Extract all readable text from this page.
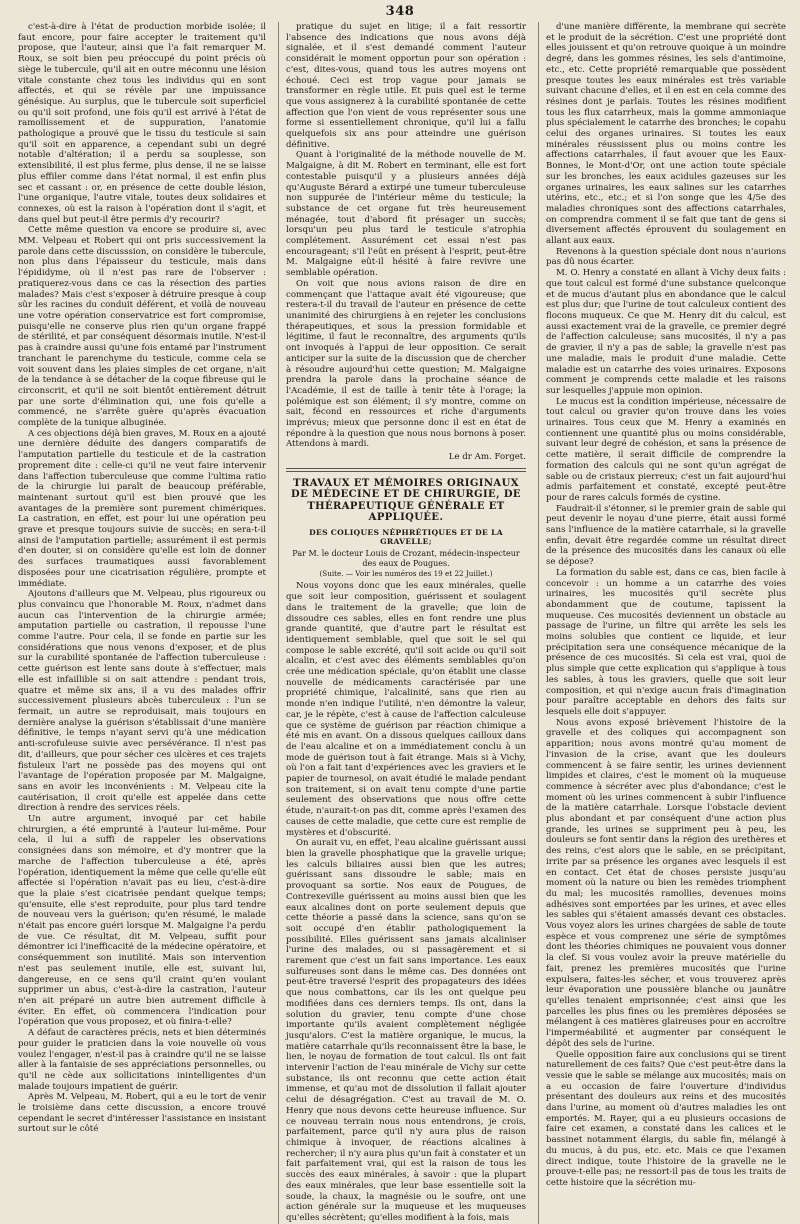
348

c'est-à-dire à l'état de production morbide isolée; il faut encore, pour faire accepter le traitement qu'il propose, que l'auteur, ainsi que l'a fait remarquer M. Roux, se soit bien peu préoccupé du point précis où siège le tubercule, qu'il ait en outre méconnu une lésion vitale constante chez tous les individus qui en sont affectés, et qui se révèle par une impuissance génésique. Au surplus, que le tubercule soit superficiel ou qu'il soit profond, une fois qu'il est arrivé à l'état de ramollissement et de suppuration, l'anatomie pathologique a prouvé que le tissu du testicule si sain qu'il soit en apparence, a cependant subi un degré notable d'altération; il a perdu sa souplesse, son extensibilité, il est plus ferme, plus dense, il ne se laisse plus effiler comme dans l'état normal, il est enfin plus sec et cassant : or, en présence de cette double lésion, l'une organique, l'autre vitale, toutes deux solidaires et connexes, où est la raison à l'opération dont il s'agit, et dans quel but peut-il être permis d'y recourir?

Cette même question va encore se produire si, avec MM. Velpeau et Robert qui ont pris successivement la parole dans cette discusssion, on considère le tubercule, non plus dans l'épaisseur du testicule, mais dans l'épididyme, où il n'est pas rare de l'observer : pratiquerez-vous dans ce cas la résection des parties malades? Mais c'est s'exposer à détruire presque à coup sûr les racines du conduit déférent, et voilà de nouveau une votre opération conservatrice est fort compromise, puisqu'elle ne conserve plus rien qu'un organe frappé de stérilité, et par conséquent désormais inutile. N'est-il pas à craindre aussi qu'une fois entamé par l'instrument tranchant le parenchyme du testicule, comme cela se voit souvent dans les plaies simples de cet organe, n'ait de la tendance à se détacher de la coque fibreuse qui le circonscrit, et qu'il ne soit bientôt entièrement détruit par une sorte d'élimination qui, une fois qu'elle a commencé, ne s'arrête guère qu'après évacuation complète de la tunique albuginée.

A ces objections déjà bien graves, M. Roux en a ajouté une dernière déduite des dangers comparatifs de l'amputation partielle du testicule et de la castration proprement dite : celle-ci qu'il ne veut faire intervenir dans l'affection tuberculeuse que comme l'ultima ratio de la chirurgie lui paraît de beaucoup préférable, maintenant surtout qu'il est bien prouvé que les avantages de la première sont purement chimériques. La castration, en effet, est pour lui une opération peu grave et presque toujours suivie de succès; en sera-t-il ainsi de l'amputation partielle; assurément il est permis d'en douter, si on considère qu'elle est loin de donner des surfaces traumatiques aussi favorablement disposées pour une cicatrisation régulière, prompte et immédiate.

Ajoutons d'ailleurs que M. Velpeau, plus rigoureux ou plus convaincu que l'honorable M. Roux, n'admet dans aucun cas l'intervention de la chirurgie armée; amputation partielle ou castration, il repousse l'une comme l'autre. Pour cela, il se fonde en partie sur les considérations que nous venons d'exposer, et de plus sur la curabilité spontanée de l'affection tuberculeuse : cette guérison est lente sans doute à s'effectuer, mais elle est infaillible si on sait attendre : pendant trois, quatre et même six ans, il a vu des malades offrir successivement plusieurs abcès tuberculeux : l'un se fermait, un autre se reproduisait, mais toujours en dernière analyse la guérison s'établissait d'une manière définitive, le temps n'ayant servi qu'à une médication anti-scrofuleuse suivie avec persévérance. Il n'est pas dit, d'ailleurs, que pour sécher ces ulcères et ces trajets fistuleux l'art ne possède pas des moyens qui ont l'avantage de l'opération proposée par M. Malgaigne, sans en avoir les inconvénients : M. Velpeau cite la cautérisation, il croit qu'elle est appelée dans cette direction à rendre des services réels.

Un autre argument, invoqué par cet habile chirurgien, a été emprunté à l'auteur lui-même. Pour cela, il lui a suffi de rappeler les observations consignées dans son mémoire, et d'y montrer que la marche de l'affection tuberculeuse a été, après l'opération, identiquement la même que celle qu'elle eût affectée si l'opération n'avait pas eu lieu, c'est-à-dire que la plaie s'est cicatrisée pendant quelque temps; qu'ensuite, elle s'est reproduite, pour plus tard tendre de nouveau vers la guérison; qu'en résumé, le malade n'était pas encore guéri lorsque M. Malgaigne l'a perdu de vue. Ce résultat, dit M. Velpeau, suffit pour démontrer ici l'inefficacité de la médecine opératoire, et conséquemment son inutilité. Mais son intervention n'est pas seulement inutile, elle est, suivant lui, dangereuse, en ce sens qu'il craint qu'en voulant supprimer un abus, c'est-à-dire la castration, l'auteur n'en ait préparé un autre bien autrement difficile à éviter. En effet, où commencera l'indication pour l'opération que vous proposez, et où finira-t-elle?

A défaut de caractères précis, nets et bien déterminés pour guider le praticien dans la voie nouvelle où vous voulez l'engager, n'est-il pas à craindre qu'il ne se laisse aller à la fantaisie de ses appréciations personnelles, ou qu'il ne cède aux sollicitations inintelligentes d'un malade toujours impatient de guérir.

Après M. Velpeau, M. Robert, qui a eu le tort de venir le troisième dans cette discussion, a encore trouvé cependant le secret d'intéresser l'assistance en insistant surtout sur le côté

pratique du sujet en litige; il a fait ressortir l'absence des indications que nous avons déjà signalée, et il s'est demandé comment l'auteur considérait le moment opportun pour son opération : c'est, dites-vous, quand tous les autres moyens ont échoué. Ceci est trop vague pour jamais se transformer en règle utile. Et puis quel est le terme que vous assignerez à la curabilité spontanée de cette affection que l'on vient de vous représenter sous une forme si essentiellement chronique, qu'il lui a fallu quelquefois six ans pour atteindre une guérison définitive.

Quant à l'originalité de la méthode nouvelle de M. Malgaigne, à dit M. Robert en terminant, elle est fort contestable puisqu'il y a plusieurs années déjà qu'Auguste Bérard a extirpé une tumeur tuberculeuse non suppurée de l'intérieur même du testicule; la substance de cet organe fut très heureusement ménagée, tout d'abord fit présager un succès; lorsqu'un peu plus tard le testicule s'atrophia complétement. Assurément cet essai n'est pas encourageant; s'il l'eût en présent à l'esprit, peut-être M. Malgaigne eût-il hésité à faire revivre une semblable opération.

On voit que nous avions raison de dire en commençant que l'attaque avait été vigoureuse; que restera-t-il du travail de l'auteur en présence de cette unanimité des chirurgiens à en rejeter les conclusions thérapeutiques, et sous la pression formidable et légitime, il faut le reconnaître, des arguments qu'ils ont invoqués à l'appui de leur opposition. Ce serait anticiper sur la suite de la discussion que de chercher à résoudre aujourd'hui cette question; M. Malgaigne prendra la parole dans la prochaine séance de l'Académie, il est de taille à tenir tête à l'orage; la polémique est son élément; il s'y montre, comme on sait, fécond en ressources et riche d'arguments imprévus; mieux que personne donc il est en état de répondre à la question que nous nous bornons à poser. Attendons à mardi.

Le dr Am. Forget.

TRAVAUX ET MÉMOIRES ORIGINAUX DE MÉDECINE ET DE CHIRURGIE, DE THÉRAPEUTIQUE GÉNÉRALE ET APPLIQUÉE.
DES COLIQUES NÉPHRÉTIQUES ET DE LA GRAVELLE;
Par M. le docteur Louis de Crozant, médecin-inspecteur des eaux de Pougues.
(Suite. — Voir les numéros des 19 et 22 Juillet.)

Nous voyons donc que les eaux minérales, quelle que soit leur composition, guérissent et soulagent dans le traitement de la gravelle; que loin de dissoudre ces sables, elles en font rendre une plus grande quantité, que d'autre part le résultat est identiquement semblable, quel que soit le sel qui compose le sable excrété, qu'il soit acide ou qu'il soit alcalin, et c'est avec des éléments semblables qu'on crée une médication spéciale, qu'on établit une classe nouvelle de médicaments caractérisée par une propriété chimique, l'alcalinité, sans que rien au monde n'en indique l'utilité, n'en démontre la valeur, car, je le répète, c'est à cause de l'affection calculeuse que ce système de guérison par réaction chimique a été mis en avant. On a dissous quelques cailloux dans de l'eau alcaline et on a immédiatement conclu à un mode de guérison tout à fait étrange. Mais si à Vichy, où l'on a fait tant d'expériences avec les graviers et le papier de tournesol, on avait étudié le malade pendant son traitement, si on avait tenu compte d'une partie seulement des observations que nous offre cette étude, n'aurait-t-on pas dit, comme après l'examen des causes de cette maladie, que cette cure est remplie de mystères et d'obscurité.

On aurait vu, en effet, l'eau alcaline guérissant aussi bien la gravelle phosphatique que la gravelle urique; les calculs biliaires aussi bien que les autres; guérissant sans dissoudre le sable; mais en provoquant sa sortie. Nos eaux de Pougues, de Contrexeville guérissent au moins aussi bien que les eaux alcalines dont on porte seulement depuis que cette théorie a passé dans la science, sans qu'on se soit occupé d'en établir pathologiquement la possibilité. Elles guérissent sans jamais alcaliniser l'urine des malades, ou si passagèrement et si rarement que c'est un fait sans importance. Les eaux sulfureuses sont dans le même cas. Des données ont peut-être traversé l'esprit des propagateurs des idées que nous combattons, car ils les ont quelque peu modifiées dans ces derniers temps. Ils ont, dans la solution du gravier, tenu compte d'une chose importante qu'ils avaient complètement négligée jusqu'alors. C'est la matière organique, le mucus, la matière catarrhale qu'ils reconnaissent être la base, le lien, le noyau de formation de tout calcul. Ils ont fait intervenir l'action de l'eau minérale de Vichy sur cette substance, ils ont reconnu que cette action était immense, et qu'au mot de dissolution il fallait ajouter celui de désagrégation. C'est au travail de M. O. Henry que nous devons cette heureuse influence. Sur ce nouveau terrain nous nous entendrons, je crois, parfaitement, parce qu'il n'y aura plus de raison chimique à invoquer, de réactions alcalines à rechercher; il n'y aura plus qu'un fait à constater et un fait parfaitement vrai, qui est la raison de tous les succès des eaux minérales, à savoir : que la plupart des eaux minérales, que leur base essentielle soit la soude, la chaux, la magnésie ou le soufre, ont une action générale sur la muqueuse et les muqueuses qu'elles sécrètent; qu'elles modifient à la fois, mais

d'une manière différente, la membrane qui secrète et le produit de la sécrétion. C'est une propriété dont elles jouissent et qu'on retrouve quoique à un moindre degré, dans les gommes résines, les sels d'antimoine, etc., etc. Cette propriété remarquable que possèdent presque toutes les eaux minérales est très variable suivant chacune d'elles, et il en est en cela comme des résines dont je parlais. Toutes les résines modifient tous les flux catarrheux, mais la gomme ammoniaque plus spécialement le catarrhe des bronches; le copahu celui des organes urinaires. Si toutes les eaux minérales réussissent plus ou moins contre les affections catarrhales, il faut avouer que les Eaux-Bonnes, le Mont-d'Or, ont une action toute spéciale sur les bronches, les eaux acidules gazeuses sur les organes urinaires, les eaux salines sur les catarrhes utérins, etc., etc.; et si l'on songe que les 4/5e des maladies chroniques sont des affections catarrhales, on comprendra comment il se fait que tant de gens si diversement affectés éprouvent du soulagement en allant aux eaux.

Revenons à la question spéciale dont nous n'aurions pas dû nous écarter.

M. O. Henry a constaté en allant à Vichy deux faits : que tout calcul est formé d'une substance quelconque et de mucus d'autant plus en abondance que le calcul est plus dur; que l'urine de tout calculeux contient des flocons muqueux. Ce que M. Henry dit du calcul, est aussi exactement vrai de la gravelle, ce premier degré de l'affection calculeuse; sans mucosités, il n'y a pas de gravier, il n'y a pas de sable; la gravelle n'est pas une maladie, mais le produit d'une maladie. Cette maladie est un catarrhe des voies urinaires. Exposons comment je comprends cette maladie et les raisons sur lesquelles j'appuie mon opinion.

Le mucus est la condition impérieuse, nécessaire de tout calcul ou gravier qu'on trouve dans les voies urinaires. Tous ceux que M. Henry a examinés en contiennent une quantité plus ou moins considérable, suivant leur degré de cohésion, et sans la présence de cette matière, il serait difficile de comprendre la formation des calculs qui ne sont qu'un agrégat de sable ou de cristaux pierreux; c'est un fait aujourd'hui admis parfaitement et constaté, excepté peut-être pour de rares calculs formés de cystine.

Faudrait-il s'étonner, si le premier grain de sable qui peut devenir le noyau d'une pierre, était aussi formé sans l'influence de la matière catarrhale, si la gravelle enfin, devait être regardée comme un résultat direct de la présence des mucosités dans les canaux où elle se dépose?

La formation du sable est, dans ce cas, bien facile à concevoir : un homme a un catarrhe des voies urinaires, les mucosités qu'il secrète plus abondamment que de coutume, tapissent la muqueuse. Ces mucosités deviennent un obstacle au passage de l'urine, un filtre qui arrête les sels les moins solubles que contient ce liquide, et leur précipitation sera une conséquence mécanique de la présence de ces mucosités. Si cela est vrai, quoi de plus simple que cette explication qui s'applique à tous les sables, à tous les graviers, quelle que soit leur composition, et qui n'exige aucun frais d'imagination pour paraître acceptable en dehors des faits sur lesquels elle doit s'appuyer.

Nous avons exposé brièvement l'histoire de la gravelle et des coliques qui accompagnent son apparition; nous avons montré qu'au moment de l'invasion de la crise, avant que les douleurs commencent à se faire sentir, les urines deviennent limpides et claires, c'est le moment où la muqueuse commence à sécréter avec plus d'abondance; c'est le moment où les urines commencent à subir l'influence de la matière catarrhale. Lorsque l'obstacle devient plus abondant et par conséquent d'une action plus grande, les urines se suppriment peu à peu, les douleurs se font sentir dans la région des urethères et des reins, c'est alors que le sable, en se précipitant, irrite par sa présence les organes avec lesquels il est en contact. Cet état de choses persiste jusqu'au moment où la nature ou bien les remèdes triomphent du mal; les mucosités ramollies, devenues moins adhésives sont emportées par les urines, et avec elles les sables qui s'étaient amassés devant ces obstacles. Vous voyez alors les urines chargées de sable de toute espèce et vous comprenez une série de symptômes dont les théories chimiques ne pouvaient vous donner la clef. Si vous voulez avoir la preuve matérielle du fait, prenez les premières mucosités que l'urine expulsera, faites-les sécher, et vous trouverez après leur évaporation une poussière blanche ou jaunâtre qu'elles tenaient emprisonnée; c'est ainsi que les parcelles les plus fines ou les premières déposées se mélangent à ces matières glaireuses pour en accroître l'imperméabilité et augmenter par conséquent le dépôt des sels de l'urine.

Quelle opposition faire aux conclusions qui se tirent naturellement de ces faits? Que c'est peut-être dans la vessie que le sable se mélange aux mucosités; mais on a eu occasion de faire l'ouverture d'individus présentant des douleurs aux reins et des mucosités dans l'urine, au moment où d'autres maladies les ont emportés. M. Rayer, qui a eu plusieurs occasions de faire cet examen, a constaté dans les calices et le bassinet notamment élargis, du sable fin, mélangé à du mucus, à du pus, etc. etc. Mais ce que l'examen direct indique, toute l'histoire de la gravelle ne le prouve-t-elle pas; ne ressort-il pas de tous les traits de cette histoire que la sécrétion mu-
